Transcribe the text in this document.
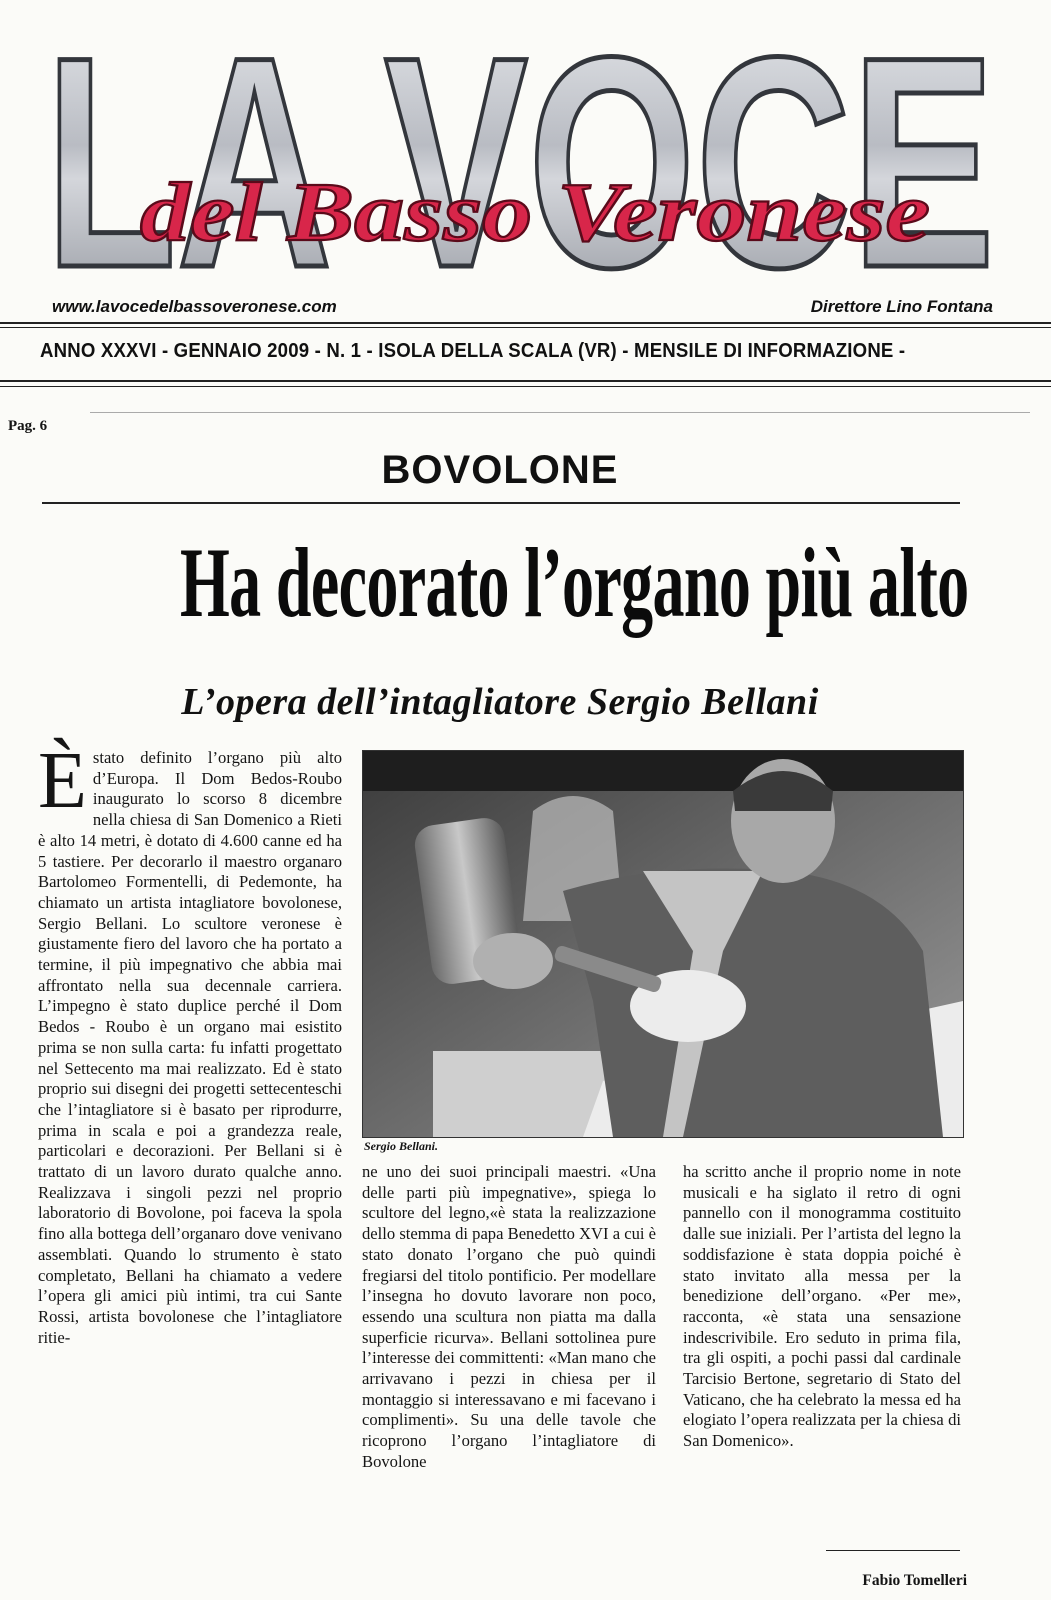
LA VOCE
del Basso Veronese
www.lavocedelbassoveronese.com	Direttore Lino Fontana
ANNO XXXVI - GENNAIO 2009 - N. 1 - ISOLA DELLA SCALA (VR) - MENSILE DI INFORMAZIONE -
Pag. 6
BOVOLONE
Ha decorato l’organo più alto
L’opera dell’intagliatore Sergio Bellani
Sergio Bellani.

È stato definito l’organo più alto d’Europa. Il Dom Bedos-Roubo inaugurato lo scorso 8 dicembre nella chiesa di San Domenico a Rieti è alto 14 metri, è dotato di 4.600 canne ed ha 5 tastiere. Per decorarlo il maestro organaro Bartolomeo Formentelli, di Pedemonte, ha chiamato un artista intagliatore bovolonese, Sergio Bellani. Lo scultore veronese è giustamente fiero del lavoro che ha portato a termine, il più impegnativo che abbia mai affrontato nella sua decennale carriera. L’impegno è stato duplice perché il Dom Bedos - Roubo è un organo mai esistito prima se non sulla carta: fu infatti progettato nel Settecento ma mai realizzato. Ed è stato proprio sui disegni dei progetti settecenteschi che l’intagliatore si è basato per riprodurre, prima in scala e poi a grandezza reale, particolari e decorazioni. Per Bellani si è trattato di un lavoro durato qualche anno. Realizzava i singoli pezzi nel proprio laboratorio di Bovolone, poi faceva la spola fino alla bottega dell’organaro dove venivano assemblati. Quando lo strumento è stato completato, Bellani ha chiamato a vedere l’opera gli amici più intimi, tra cui Sante Rossi, artista bovolonese che l’intagliatore ritie-

ne uno dei suoi principali maestri. «Una delle parti più impegnative», spiega lo scultore del legno,«è stata la realizzazione dello stemma di papa Benedetto XVI a cui è stato donato l’organo che può quindi fregiarsi del titolo pontificio. Per modellare l’insegna ho dovuto lavorare non poco, essendo una scultura non piatta ma dalla superficie ricurva». Bellani sottolinea pure l’interesse dei committenti: «Man mano che arrivavano i pezzi in chiesa per il montaggio si interessavano e mi facevano i complimenti». Su una delle tavole che ricoprono l’organo l’intagliatore di Bovolone

ha scritto anche il proprio nome in note musicali e ha siglato il retro di ogni pannello con il monogramma costituito dalle sue iniziali. Per l’artista del legno la soddisfazione è stata doppia poiché è stato invitato alla messa per la benedizione dell’organo. «Per me», racconta, «è stata una sensazione indescrivibile. Ero seduto in prima fila, tra gli ospiti, a pochi passi dal cardinale Tarcisio Bertone, segretario di Stato del Vaticano, che ha celebrato la messa ed ha elogiato l’opera realizzata per la chiesa di San Domenico».

Fabio Tomelleri
